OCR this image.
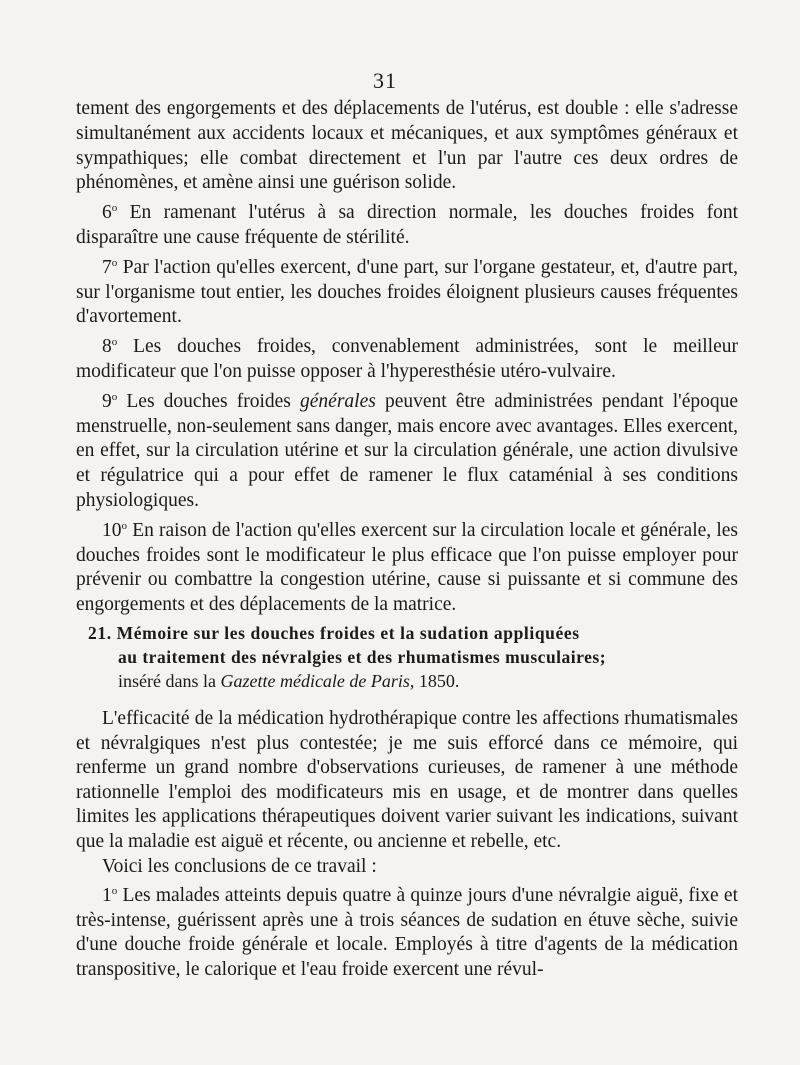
31

tement des engorgements et des déplacements de l'utérus, est double : elle s'adresse simultanément aux accidents locaux et mécaniques, et aux symptômes généraux et sympathiques; elle combat directement et l'un par l'autre ces deux ordres de phénomènes, et amène ainsi une guérison solide.

6$^o$ En ramenant l'utérus à sa direction normale, les douches froides font disparaître une cause fréquente de stérilité.

7$^o$ Par l'action qu'elles exercent, d'une part, sur l'organe gestateur, et, d'autre part, sur l'organisme tout entier, les douches froides éloignent plusieurs causes fréquentes d'avortement.

8$^o$ Les douches froides, convenablement administrées, sont le meilleur modificateur que l'on puisse opposer à l'hyperesthésie utéro-vulvaire.

9$^o$ Les douches froides générales peuvent être administrées pendant l'époque menstruelle, non-seulement sans danger, mais encore avec avantages. Elles exercent, en effet, sur la circulation utérine et sur la circulation générale, une action divulsive et régulatrice qui a pour effet de ramener le flux cataménial à ses conditions physiologiques.

10$^o$ En raison de l'action qu'elles exercent sur la circulation locale et générale, les douches froides sont le modificateur le plus efficace que l'on puisse employer pour prévenir ou combattre la congestion utérine, cause si puissante et si commune des engorgements et des déplacements de la matrice.

21. Mémoire sur les douches froides et la sudation appliquées
au traitement des névralgies et des rhumatismes musculaires;
inséré dans la Gazette médicale de Paris, 1850.

L'efficacité de la médication hydrothérapique contre les affections rhumatismales et névralgiques n'est plus contestée; je me suis efforcé dans ce mémoire, qui renferme un grand nombre d'observations curieuses, de ramener à une méthode rationnelle l'emploi des modificateurs mis en usage, et de montrer dans quelles limites les applications thérapeutiques doivent varier suivant les indications, suivant que la maladie est aiguë et récente, ou ancienne et rebelle, etc.

Voici les conclusions de ce travail :

1$^o$ Les malades atteints depuis quatre à quinze jours d'une névralgie aiguë, fixe et très-intense, guérissent après une à trois séances de sudation en étuve sèche, suivie d'une douche froide générale et locale. Employés à titre d'agents de la médication transpositive, le calorique et l'eau froide exercent une révul-
